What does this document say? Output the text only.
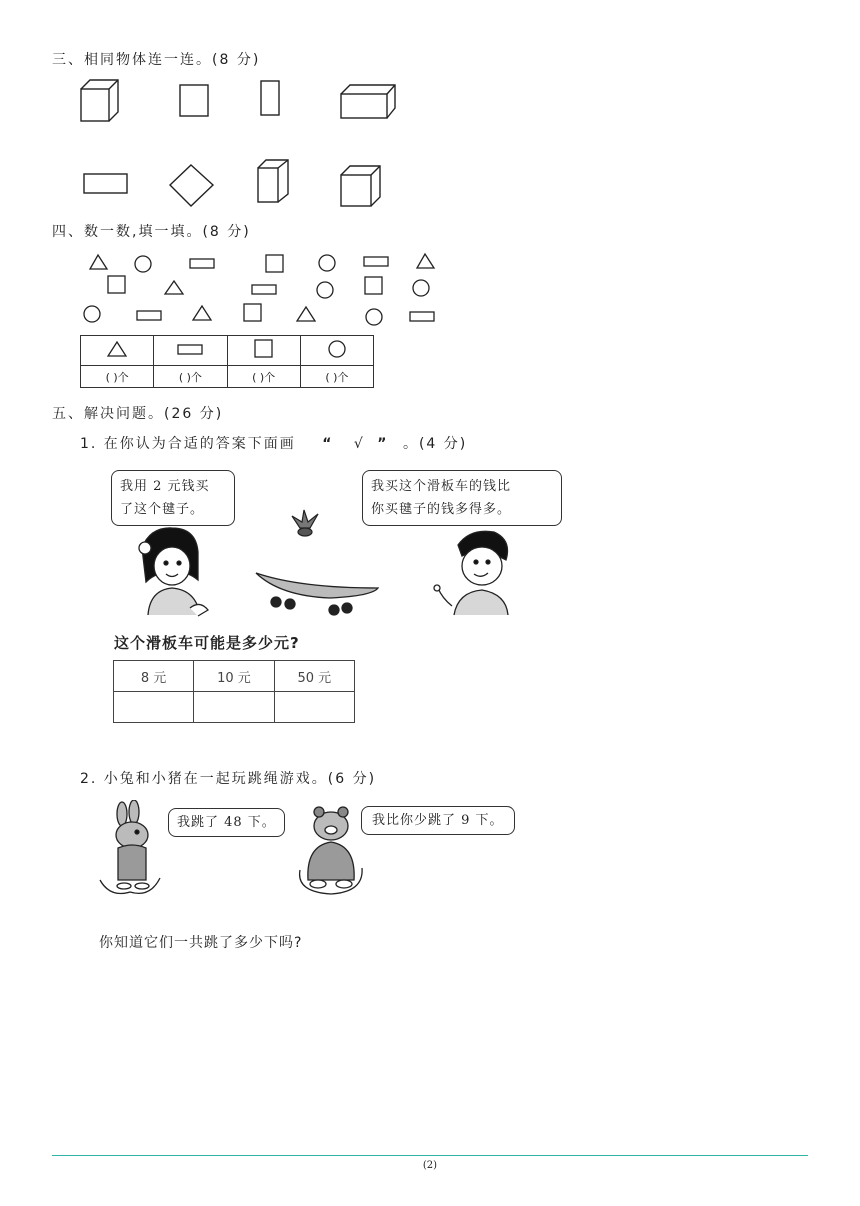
三、相同物体连一连。(8 分)
四、数一数,填一填。(8 分)

( )个	( )个	( )个	( )个
五、解决问题。(26 分)
1. 在你认为合适的答案下面画 “ √ ” 。(4 分)
我用 2 元钱买
了这个毽子。
我买这个滑板车的钱比
你买毽子的钱多得多。
这个滑板车可能是多少元?
8 元	10 元	50 元

2. 小兔和小猪在一起玩跳绳游戏。(6 分)
我跳了 48 下。	我比你少跳了 9 下。
你知道它们一共跳了多少下吗?
(2)
